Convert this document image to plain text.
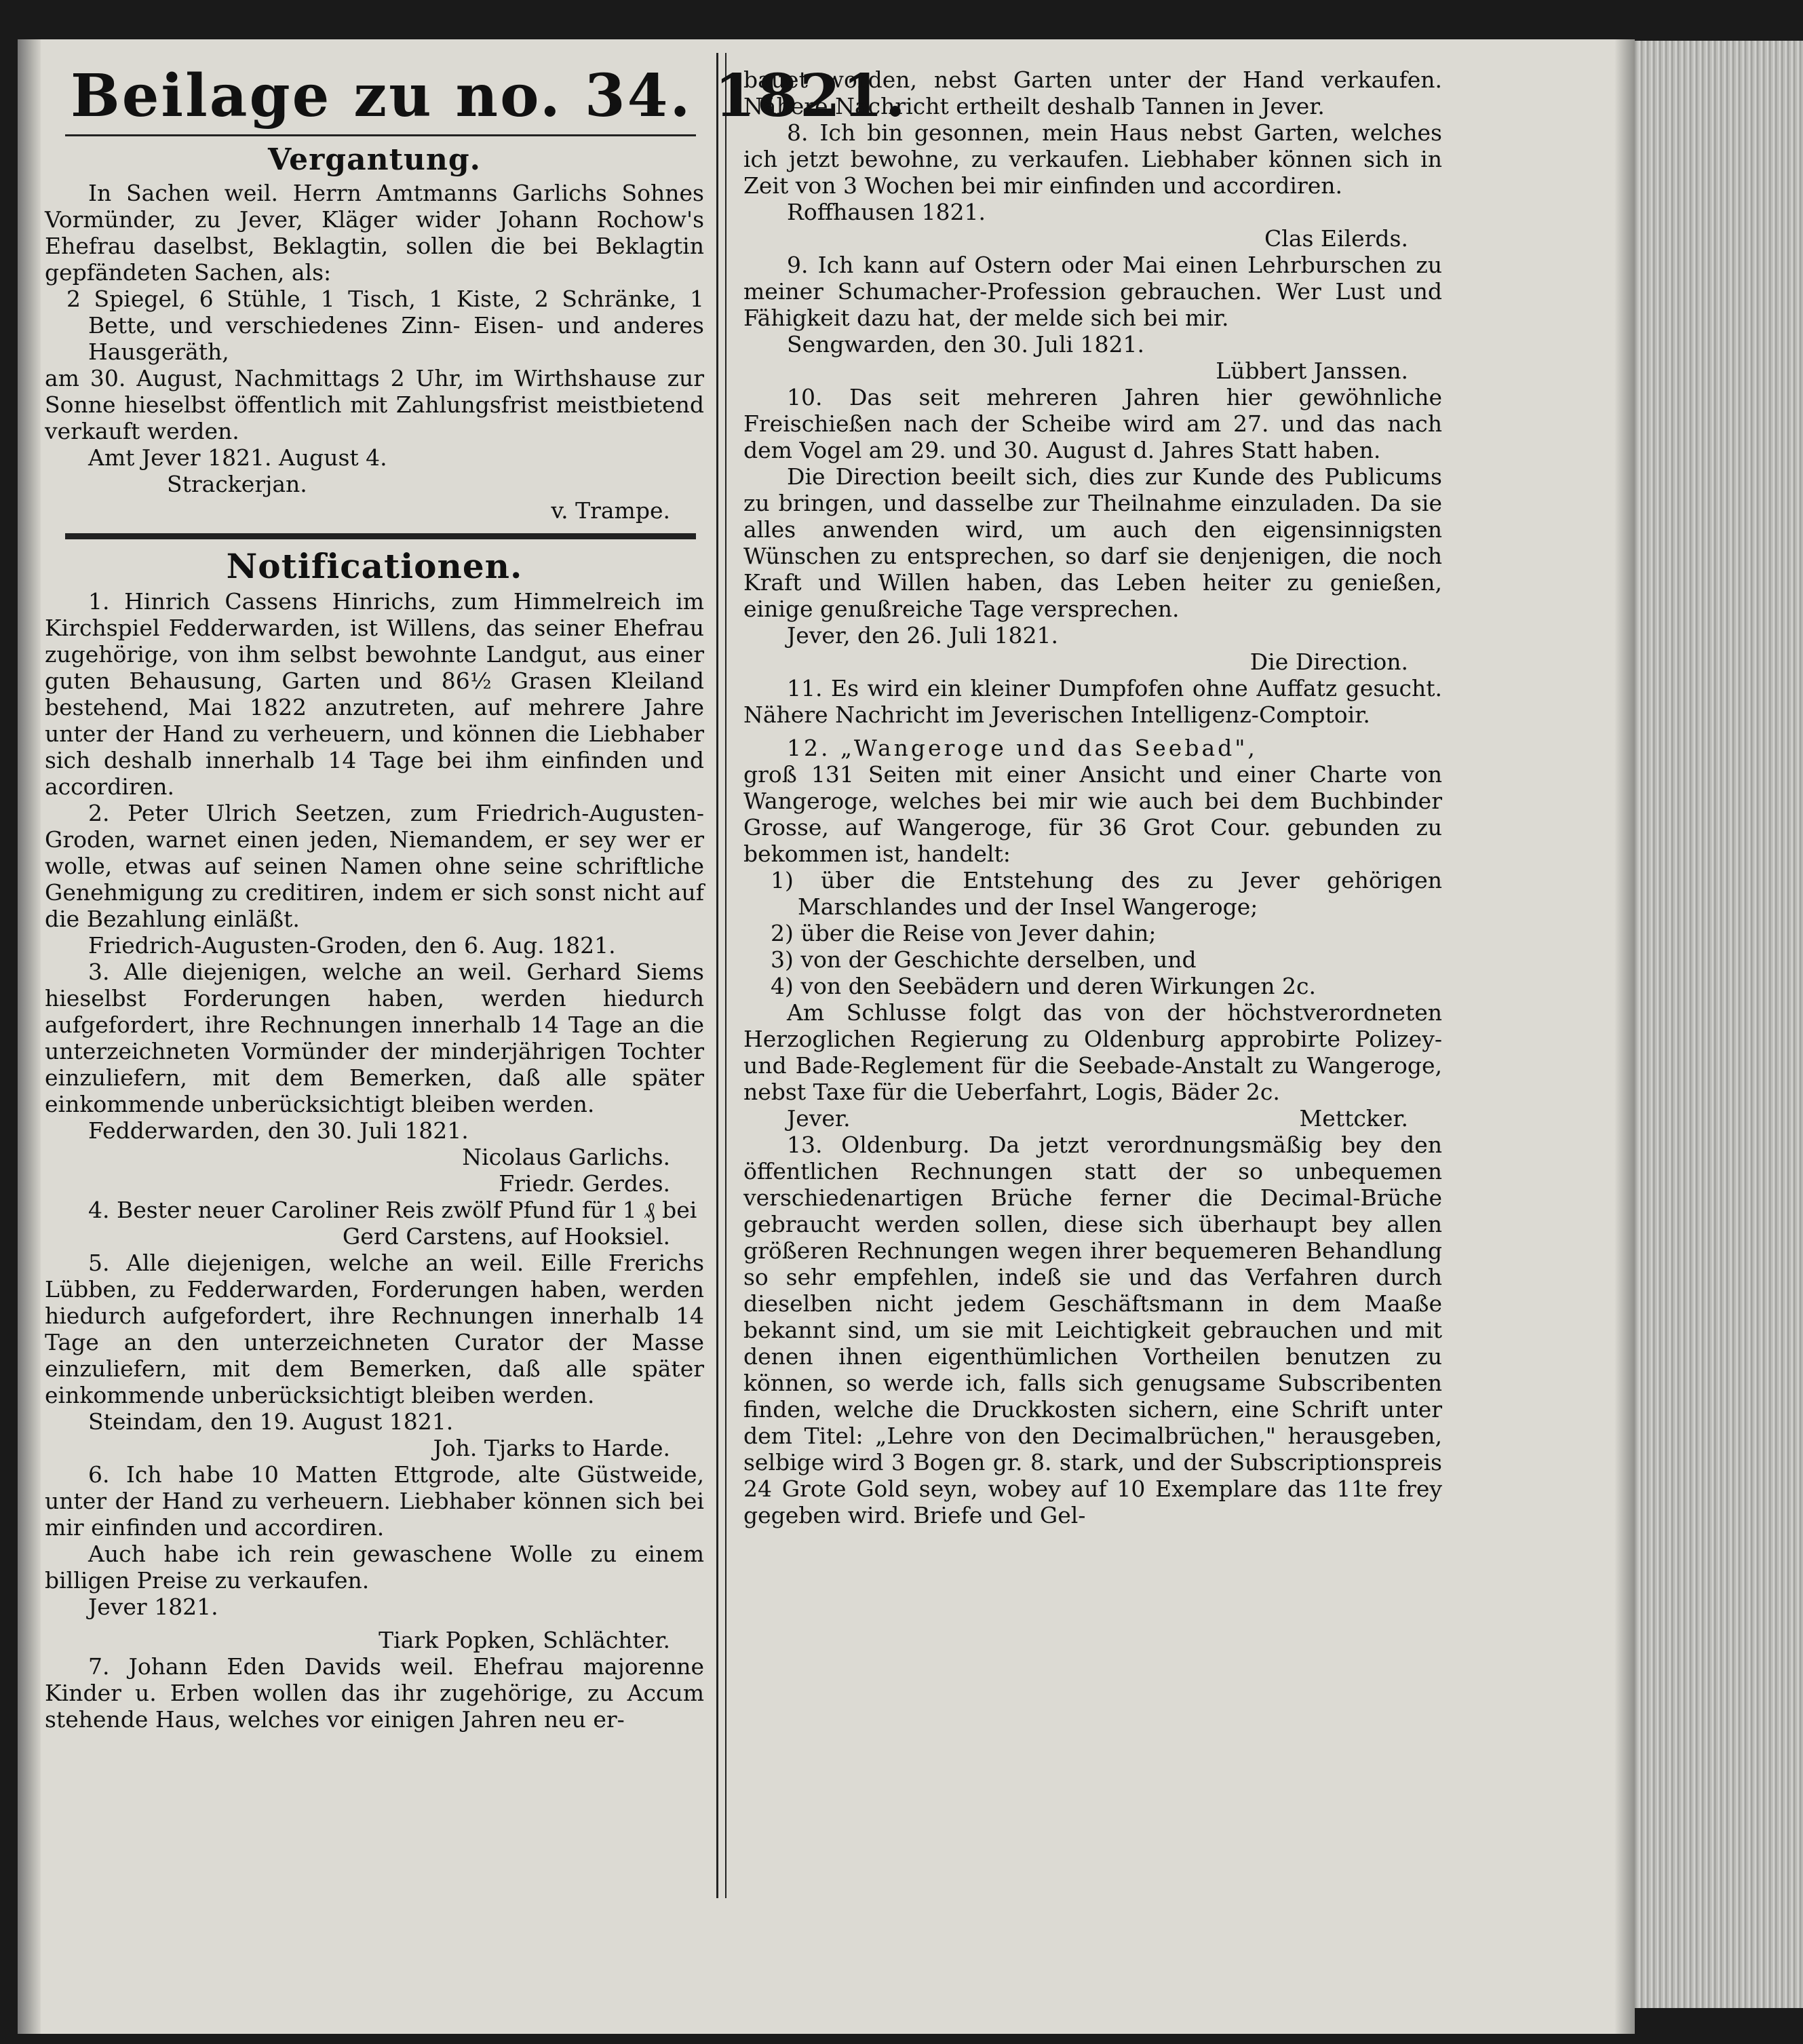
Beilage zu no. 34. 1821.
Vergantung.

In Sachen weil. Herrn Amtmanns Garlichs Sohnes Vormünder, zu Jever, Kläger wider Johann Rochow's Ehefrau daselbst, Beklagtin, sollen die bei Beklagtin gepfändeten Sachen, als:

2 Spiegel, 6 Stühle, 1 Tisch, 1 Kiste, 2 Schränke, 1 Bette, und verschiedenes Zinn- Eisen- und anderes Hausgeräth,

am 30. August, Nachmittags 2 Uhr, im Wirthshause zur Sonne hieselbst öffentlich mit Zahlungsfrist meistbietend verkauft werden.

Amt Jever 1821. August 4.

Strackerjan.

v. Trampe.

Notificationen.

1. Hinrich Cassens Hinrichs, zum Himmelreich im Kirchspiel Fedderwarden, ist Willens, das seiner Ehefrau zugehörige, von ihm selbst bewohnte Landgut, aus einer guten Behausung, Garten und 86½ Grasen Kleiland bestehend, Mai 1822 anzutreten, auf mehrere Jahre unter der Hand zu verheuern, und können die Liebhaber sich deshalb innerhalb 14 Tage bei ihm einfinden und accordiren.

2. Peter Ulrich Seetzen, zum Friedrich-Augusten-Groden, warnet einen jeden, Niemandem, er sey wer er wolle, etwas auf seinen Namen ohne seine schriftliche Genehmigung zu creditiren, indem er sich sonst nicht auf die Bezahlung einläßt.

Friedrich-Augusten-Groden, den 6. Aug. 1821.

3. Alle diejenigen, welche an weil. Gerhard Siems hieselbst Forderungen haben, werden hiedurch aufgefordert, ihre Rechnungen innerhalb 14 Tage an die unterzeichneten Vormünder der minderjährigen Tochter einzuliefern, mit dem Bemerken, daß alle später einkommende unberücksichtigt bleiben werden.

Fedderwarden, den 30. Juli 1821.

Nicolaus Garlichs.

Friedr. Gerdes.

4. Bester neuer Caroliner Reis zwölf Pfund für 1 ₰ bei

Gerd Carstens, auf Hooksiel.

5. Alle diejenigen, welche an weil. Eille Frerichs Lübben, zu Fedderwarden, Forderungen haben, werden hiedurch aufgefordert, ihre Rechnungen innerhalb 14 Tage an den unterzeichneten Curator der Masse einzuliefern, mit dem Bemerken, daß alle später einkommende unberücksichtigt bleiben werden.

Steindam, den 19. August 1821.

Joh. Tjarks to Harde.

6. Ich habe 10 Matten Ettgrode, alte Güstweide, unter der Hand zu verheuern. Liebhaber können sich bei mir einfinden und accordiren.

Auch habe ich rein gewaschene Wolle zu einem billigen Preise zu verkaufen.

Jever 1821.

Tiark Popken, Schlächter.

7. Johann Eden Davids weil. Ehefrau majorenne Kinder u. Erben wollen das ihr zugehörige, zu Accum stehende Haus, welches vor einigen Jahren neu er-

bauet worden, nebst Garten unter der Hand verkaufen. Nähere Nachricht ertheilt deshalb Tannen in Jever.

8. Ich bin gesonnen, mein Haus nebst Garten, welches ich jetzt bewohne, zu verkaufen. Liebhaber können sich in Zeit von 3 Wochen bei mir einfinden und accordiren.

Roffhausen 1821.

Clas Eilerds.

9. Ich kann auf Ostern oder Mai einen Lehrburschen zu meiner Schumacher-Profession gebrauchen. Wer Lust und Fähigkeit dazu hat, der melde sich bei mir.

Sengwarden, den 30. Juli 1821.

Lübbert Janssen.

10. Das seit mehreren Jahren hier gewöhnliche Freischießen nach der Scheibe wird am 27. und das nach dem Vogel am 29. und 30. August d. Jahres Statt haben.

Die Direction beeilt sich, dies zur Kunde des Publicums zu bringen, und dasselbe zur Theilnahme einzuladen. Da sie alles anwenden wird, um auch den eigensinnigsten Wünschen zu entsprechen, so darf sie denjenigen, die noch Kraft und Willen haben, das Leben heiter zu genießen, einige genußreiche Tage versprechen.

Jever, den 26. Juli 1821.

Die Direction.

11. Es wird ein kleiner Dumpfofen ohne Auffatz gesucht. Nähere Nachricht im Jeverischen Intelligenz-Comptoir.

12. „Wangeroge und das Seebad",

groß 131 Seiten mit einer Ansicht und einer Charte von Wangeroge, welches bei mir wie auch bei dem Buchbinder Grosse, auf Wangeroge, für 36 Grot Cour. gebunden zu bekommen ist, handelt:

1) über die Entstehung des zu Jever gehörigen Marschlandes und der Insel Wangeroge;

2) über die Reise von Jever dahin;

3) von der Geschichte derselben, und

4) von den Seebädern und deren Wirkungen 2c.

Am Schlusse folgt das von der höchstverordneten Herzoglichen Regierung zu Oldenburg approbirte Polizey- und Bade-Reglement für die Seebade-Anstalt zu Wangeroge, nebst Taxe für die Ueberfahrt, Logis, Bäder 2c.

Jever.	Mettcker.

13. Oldenburg. Da jetzt verordnungsmäßig bey den öffentlichen Rechnungen statt der so unbequemen verschiedenartigen Brüche ferner die Decimal-Brüche gebraucht werden sollen, diese sich überhaupt bey allen größeren Rechnungen wegen ihrer bequemeren Behandlung so sehr empfehlen, indeß sie und das Verfahren durch dieselben nicht jedem Geschäftsmann in dem Maaße bekannt sind, um sie mit Leichtigkeit gebrauchen und mit denen ihnen eigenthümlichen Vortheilen benutzen zu können, so werde ich, falls sich genugsame Subscribenten finden, welche die Druckkosten sichern, eine Schrift unter dem Titel: „Lehre von den Decimalbrüchen," herausgeben, selbige wird 3 Bogen gr. 8. stark, und der Subscriptionspreis 24 Grote Gold seyn, wobey auf 10 Exemplare das 11te frey gegeben wird. Briefe und Gel-
